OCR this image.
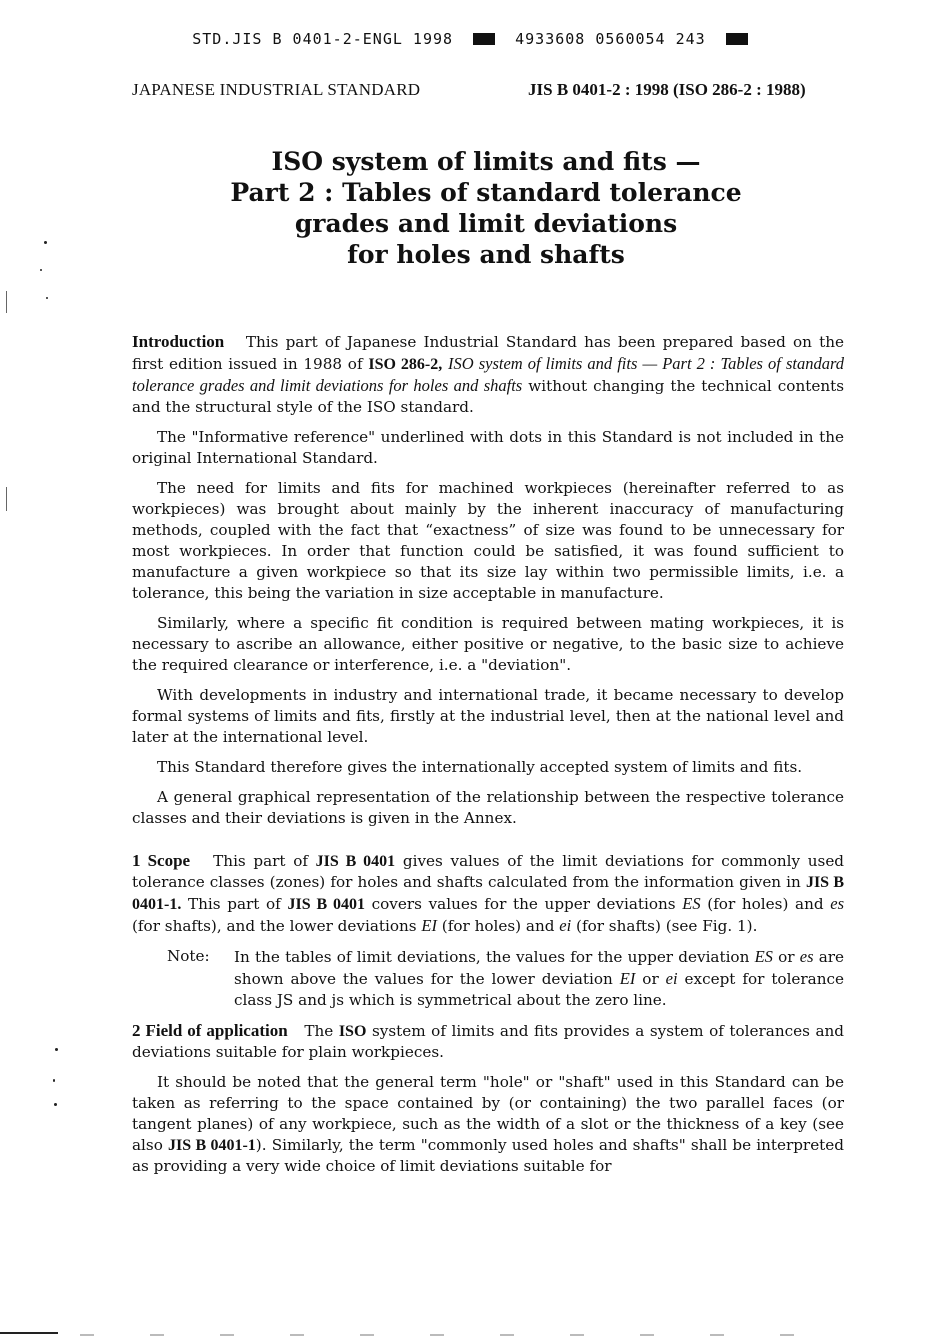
STD.JIS B 0401-2-ENGL 1998	4933608 0560054 243
JAPANESE INDUSTRIAL STANDARD	JIS B 0401-2 : 1998 (ISO 286-2 : 1988)
ISO system of limits and fits —
Part 2 : Tables of standard tolerance
grades and limit deviations
for holes and shafts

Introduction This part of Japanese Industrial Standard has been prepared based on the first edition issued in 1988 of ISO 286-2, ISO system of limits and fits — Part 2 : Tables of standard tolerance grades and limit deviations for holes and shafts without changing the technical contents and the structural style of the ISO standard.

The "Informative reference" underlined with dots in this Standard is not included in the original International Standard.

The need for limits and fits for machined workpieces (hereinafter referred to as workpieces) was brought about mainly by the inherent inaccuracy of manufacturing methods, coupled with the fact that “exactness” of size was found to be unnecessary for most workpieces. In order that function could be satisfied, it was found sufficient to manufacture a given workpiece so that its size lay within two permissible limits, i.e. a tolerance, this being the variation in size acceptable in manufacture.

Similarly, where a specific fit condition is required between mating workpieces, it is necessary to ascribe an allowance, either positive or negative, to the basic size to achieve the required clearance or interference, i.e. a "deviation".

With developments in industry and international trade, it became necessary to develop formal systems of limits and fits, firstly at the industrial level, then at the national level and later at the international level.

This Standard therefore gives the internationally accepted system of limits and fits.

A general graphical representation of the relationship between the respective tolerance classes and their deviations is given in the Annex.

1 Scope This part of JIS B 0401 gives values of the limit deviations for commonly used tolerance classes (zones) for holes and shafts calculated from the information given in JIS B 0401-1. This part of JIS B 0401 covers values for the upper deviations ES (for holes) and es (for shafts), and the lower deviations EI (for holes) and ei (for shafts) (see Fig. 1).

Note:	In the tables of limit deviations, the values for the upper deviation ES or es are shown above the values for the lower deviation EI or ei except for tolerance class JS and js which is symmetrical about the zero line.

2 Field of application The ISO system of limits and fits provides a system of tolerances and deviations suitable for plain workpieces.

It should be noted that the general term "hole" or "shaft" used in this Standard can be taken as referring to the space contained by (or containing) the two parallel faces (or tangent planes) of any workpiece, such as the width of a slot or the thickness of a key (see also JIS B 0401-1). Similarly, the term "commonly used holes and shafts" shall be interpreted as providing a very wide choice of limit deviations suitable for
